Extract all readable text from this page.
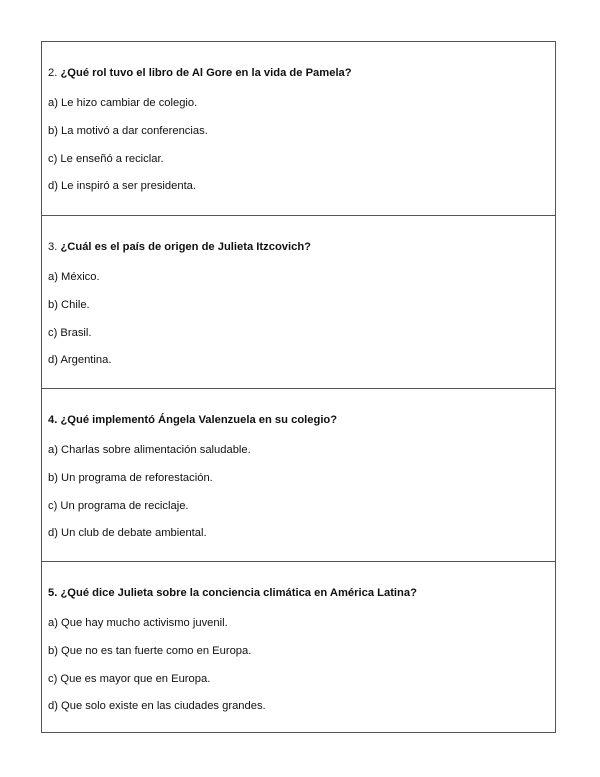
2. ¿Qué rol tuvo el libro de Al Gore en la vida de Pamela?
a) Le hizo cambiar de colegio.
b) La motivó a dar conferencias.
c) Le enseñó a reciclar.
d) Le inspiró a ser presidenta.
3. ¿Cuál es el país de origen de Julieta Itzcovich?
a) México.
b) Chile.
c) Brasil.
d) Argentina.
4. ¿Qué implementó Ángela Valenzuela en su colegio?
a) Charlas sobre alimentación saludable.
b) Un programa de reforestación.
c) Un programa de reciclaje.
d) Un club de debate ambiental.
5. ¿Qué dice Julieta sobre la conciencia climática en América Latina?
a) Que hay mucho activismo juvenil.
b) Que no es tan fuerte como en Europa.
c) Que es mayor que en Europa.
d) Que solo existe en las ciudades grandes.
